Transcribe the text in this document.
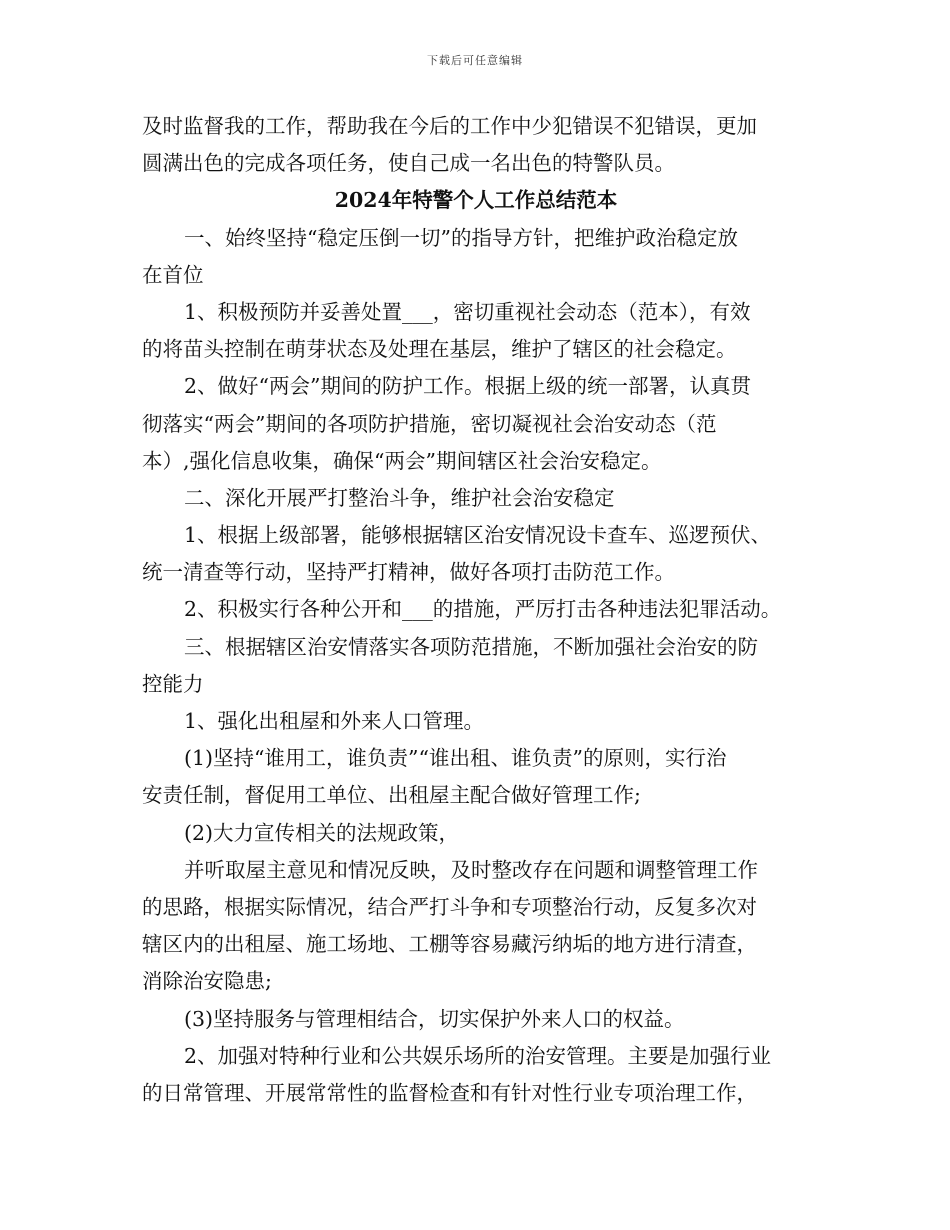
下载后可任意编辑
及时监督我的工作，帮助我在今后的工作中少犯错误不犯错误，更加
圆满出色的完成各项任务，使自己成一名出色的特警队员。
2024年特警个人工作总结范本
一、始终坚持“稳定压倒一切”的指导方针，把维护政治稳定放
在首位
1、积极预防并妥善处置___，密切重视社会动态（范本），有效
的将苗头控制在萌芽状态及处理在基层，维护了辖区的社会稳定。
2、做好“两会”期间的防护工作。根据上级的统一部署，认真贯
彻落实“两会”期间的各项防护措施，密切凝视社会治安动态（范
本）,强化信息收集，确保“两会”期间辖区社会治安稳定。
二、深化开展严打整治斗争，维护社会治安稳定
1、根据上级部署，能够根据辖区治安情况设卡查车、巡逻预伏、
统一清查等行动，坚持严打精神，做好各项打击防范工作。
2、积极实行各种公开和___的措施，严厉打击各种违法犯罪活动。
三、根据辖区治安情落实各项防范措施，不断加强社会治安的防
控能力
1、强化出租屋和外来人口管理。
(1)坚持“谁用工，谁负责”“谁出租、谁负责”的原则，实行治
安责任制，督促用工单位、出租屋主配合做好管理工作;
(2)大力宣传相关的法规政策，
并听取屋主意见和情况反映，及时整改存在问题和调整管理工作
的思路，根据实际情况，结合严打斗争和专项整治行动，反复多次对
辖区内的出租屋、施工场地、工棚等容易藏污纳垢的地方进行清查，
消除治安隐患;
(3)坚持服务与管理相结合，切实保护外来人口的权益。
2、加强对特种行业和公共娱乐场所的治安管理。主要是加强行业
的日常管理、开展常常性的监督检查和有针对性行业专项治理工作，
